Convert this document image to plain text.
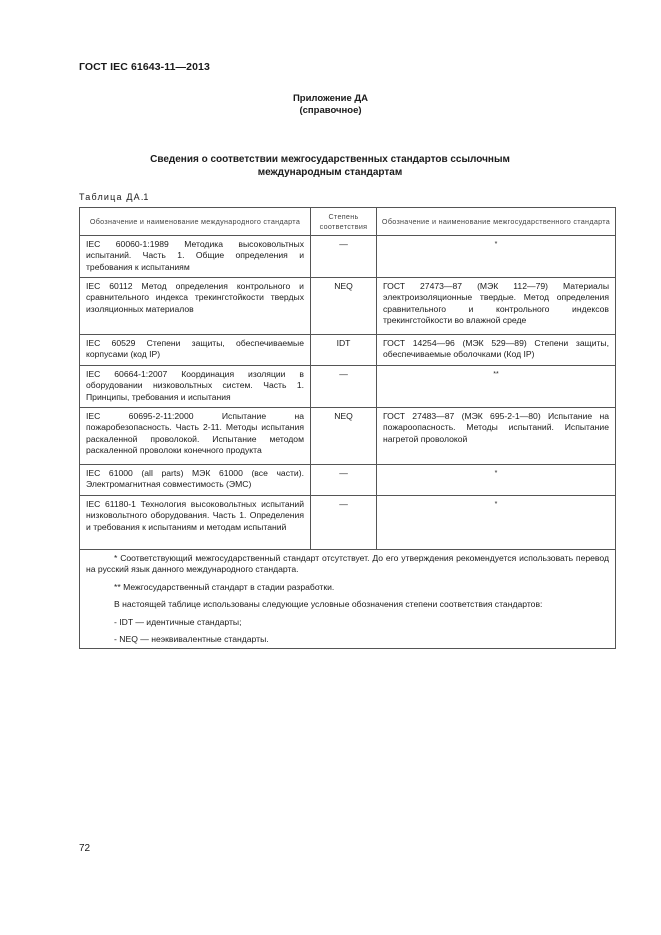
ГОСТ IEC 61643-11—2013
Приложение ДА
(справочное)
Сведения о соответствии межгосударственных стандартов ссылочным
международным стандартам
Таблица ДА.1
Обозначение и наименование международного стандарта	Степень соответствия	Обозначение и наименование межгосударственного стандарта
IEC 60060-1:1989 Методика высоковольтных испытаний. Часть 1. Общие определения и требования к испытаниям	—	*
IEC 60112 Метод определения контрольного и сравнительного индекса трекингстойкости твердых изоляционных материалов	NEQ	ГОСТ 27473—87 (МЭК 112—79) Материалы электроизоляционные твердые. Метод определения сравнительного и контрольного индексов трекингстойкости во влажной среде
IEC 60529 Степени защиты, обеспечиваемые корпусами (код IP)	IDT	ГОСТ 14254—96 (МЭК 529—89) Степени защиты, обеспечиваемые оболочками (Код IP)
IEC 60664-1:2007 Координация изоляции в оборудовании низковольтных систем. Часть 1. Принципы, требования и испытания	—	**
IEC 60695-2-11:2000 Испытание на пожаробезопасность. Часть 2-11. Методы испытания раскаленной проволокой. Испытание методом раскаленной проволоки конечного продукта	NEQ	ГОСТ 27483—87 (МЭК 695-2-1—80) Испытание на пожароопасность. Методы испытаний. Испытание нагретой проволокой
IEC 61000 (all parts) МЭК 61000 (все части). Электромагнитная совместимость (ЭМС)	—	*
IEC 61180-1 Технология высоковольтных испытаний низковольтного оборудования. Часть 1. Определения и требования к испытаниям и методам испытаний	—	*

* Соответствующий межгосударственный стандарт отсутствует. До его утверждения рекомендуется использовать перевод на русский язык данного международного стандарта.

** Межгосударственный стандарт в стадии разработки.

В настоящей таблице использованы следующие условные обозначения степени соответствия стандартов:

- IDT — идентичные стандарты;

- NEQ — неэквивалентные стандарты.		

72
